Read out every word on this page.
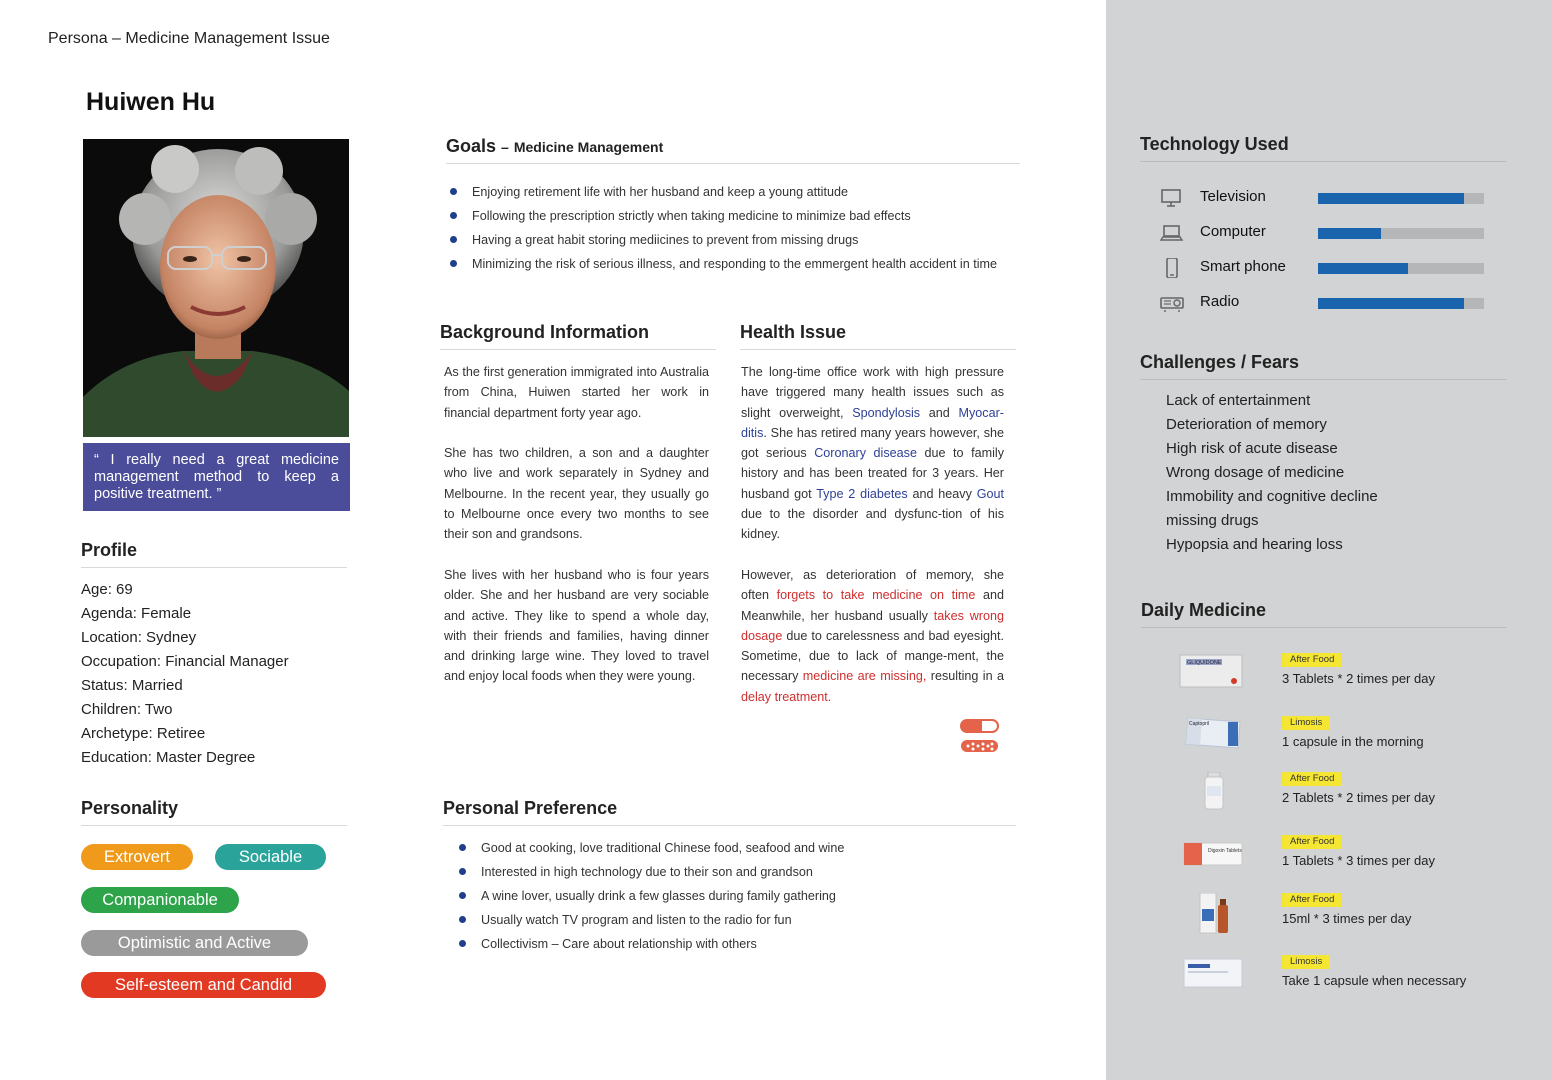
Persona – Medicine Management Issue
Huiwen Hu
“ I really need a great medicine management method to keep a positive treatment. ”
Profile
Age: 69
Agenda: Female
Location: Sydney
Occupation: Financial Manager
Status: Married
Children: Two
Archetype: Retiree
Education: Master Degree
Personality
Extrovert	Sociable
Companionable
Optimistic and Active
Self-esteem and Candid
Goals – Medicine Management
Enjoying retirement life with her husband and keep a young attitude
Following the prescription strictly when taking medicine to minimize bad effects
Having a great habit storing mediicines to prevent from missing drugs
Minimizing the risk of serious illness, and responding to the emmergent health accident in time
Background Information

As the first generation immigrated into Australia from China, Huiwen started her work in financial department forty year ago.

She has two children, a son and a daughter who live and work separately in Sydney and Melbourne. In the recent year, they usually go to Melbourne once every two months to see their son and grandsons.

She lives with her husband who is four years older. She and her husband are very sociable and active. They like to spend a whole day, with their friends and families, having dinner and drinking large wine. They loved to travel and enjoy local foods when they were young.

Health Issue

The long-time office work with high pressure have triggered many health issues such as slight overweight, Spondylosis and Myocar-ditis. She has retired many years however, she got serious Coronary disease due to family history and has been treated for 3 years. Her husband got Type 2 diabetes and heavy Gout due to the disorder and dysfunc-tion of his kidney.

However, as deterioration of memory, she often forgets to take medicine on time and Meanwhile, her husband usually takes wrong dosage due to carelessness and bad eyesight. Sometime, due to lack of mange-ment, the necessary medicine are missing, resulting in a delay treatment.

Personal Preference
Good at cooking, love traditional Chinese food, seafood and wine
Interested in high technology due to their son and grandson
A wine lover, usually drink a few glasses during family gathering
Usually watch TV program and listen to the radio for fun
Collectivism – Care about relationship with others
Technology Used
Television
Computer
Smart phone
Radio
Challenges / Fears
Lack of entertainment
Deterioration of memory
High risk of acute disease
Wrong dosage of medicine
Immobility and cognitive decline
missing drugs
Hypopsia and hearing loss
Daily Medicine
GLIQUIDONE	After Food
3 Tablets * 2 times per day
Captopril	Limosis
1 capsule in the morning
After Food
2 Tablets * 2 times per day
Digoxin Tablets
After Food
1 Tablets * 3 times per day
After Food
15ml * 3 times per day
Limosis
Take 1 capsule when necessary
